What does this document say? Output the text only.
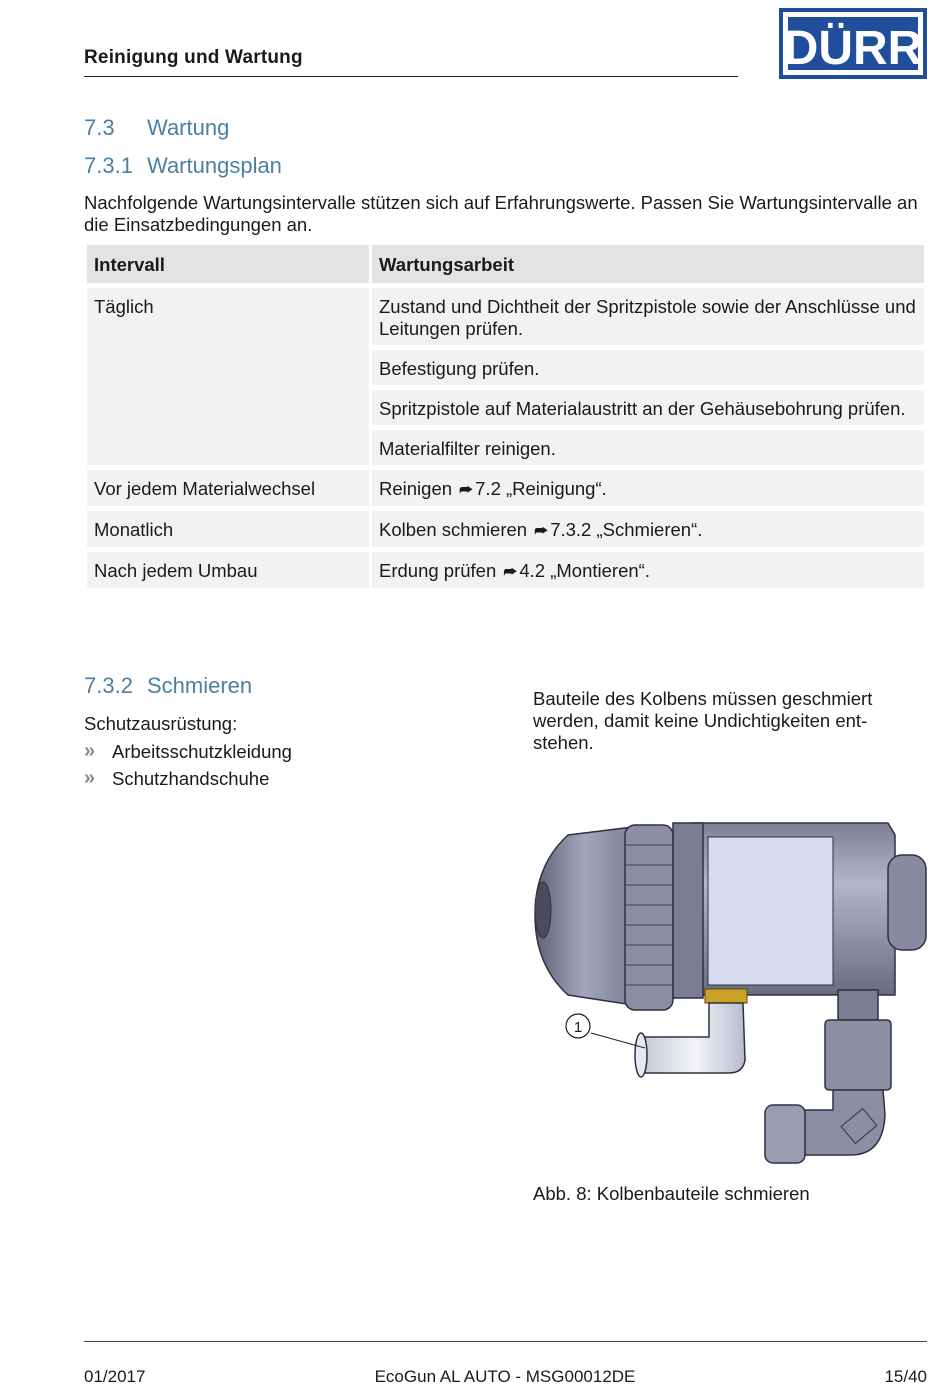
Reinigung und Wartung	DÜRR
7.3 Wartung
7.3.1 Wartungsplan
Nachfolgende Wartungsintervalle stützen sich auf Erfahrungswerte. Passen Sie Wartungsintervalle an die Einsatzbedingungen an.
Intervall	Wartungsarbeit
Täglich	Zustand und Dichtheit der Spritzpistole sowie der Anschlüsse und Leitungen prüfen.
	Befestigung prüfen.
	Spritzpistole auf Materialaustritt an der Gehäusebohrung prüfen.
	Materialfilter reinigen.
Vor jedem Materialwechsel	Reinigen ⮫ 7.2 „Reinigung“.
Monatlich	Kolben schmieren ⮫ 7.3.2 „Schmieren“.
Nach jedem Umbau	Erdung prüfen ⮫ 4.2 „Montieren“.
7.3.2 Schmieren
Schutzausrüstung:
» Arbeitsschutzkleidung
» Schutzhandschuhe
Bauteile des Kolbens müssen geschmiert werden, damit keine Undichtigkeiten entstehen.
1
Abb. 8: Kolbenbauteile schmieren
01/2017	EcoGun AL AUTO - MSG00012DE	15/40
